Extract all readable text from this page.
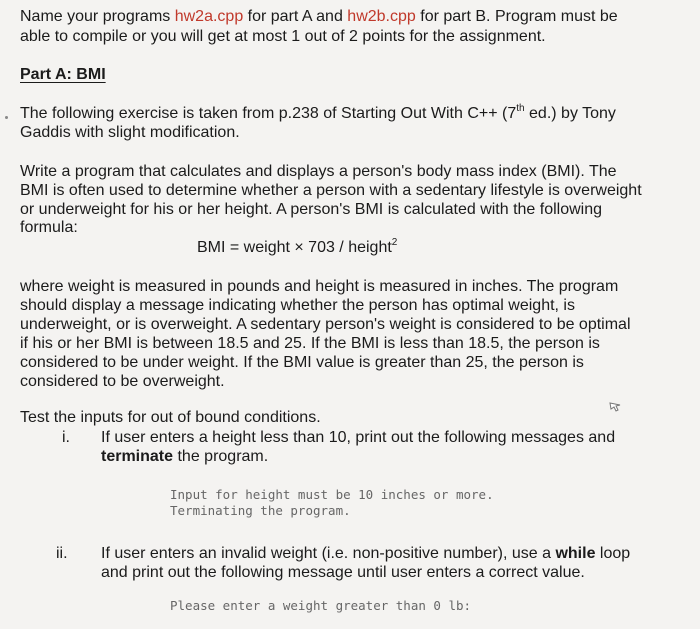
Name your programs hw2a.cpp for part A and hw2b.cpp for part B. Program must be

able to compile or you will get at most 1 out of 2 points for the assignment.

Part A: BMI

The following exercise is taken from p.238 of Starting Out With C++ (7th ed.) by Tony

Gaddis with slight modification.

Write a program that calculates and displays a person's body mass index (BMI). The

BMI is often used to determine whether a person with a sedentary lifestyle is overweight

or underweight for his or her height. A person's BMI is calculated with the following

formula:

BMI = weight × 703 / height$^2$

where weight is measured in pounds and height is measured in inches. The program

should display a message indicating whether the person has optimal weight, is

underweight, or is overweight. A sedentary person's weight is considered to be optimal

if his or her BMI is between 18.5 and 25. If the BMI is less than 18.5, the person is

considered to be under weight. If the BMI value is greater than 25, the person is

considered to be overweight.

Test the inputs for out of bound conditions.

i. If user enters a height less than 10, print out the following messages and

terminate the program.

Input for height must be 10 inches or more.
Terminating the program.

ii. If user enters an invalid weight (i.e. non-positive number), use a while loop

and print out the following message until user enters a correct value.

Please enter a weight greater than 0 lb:
